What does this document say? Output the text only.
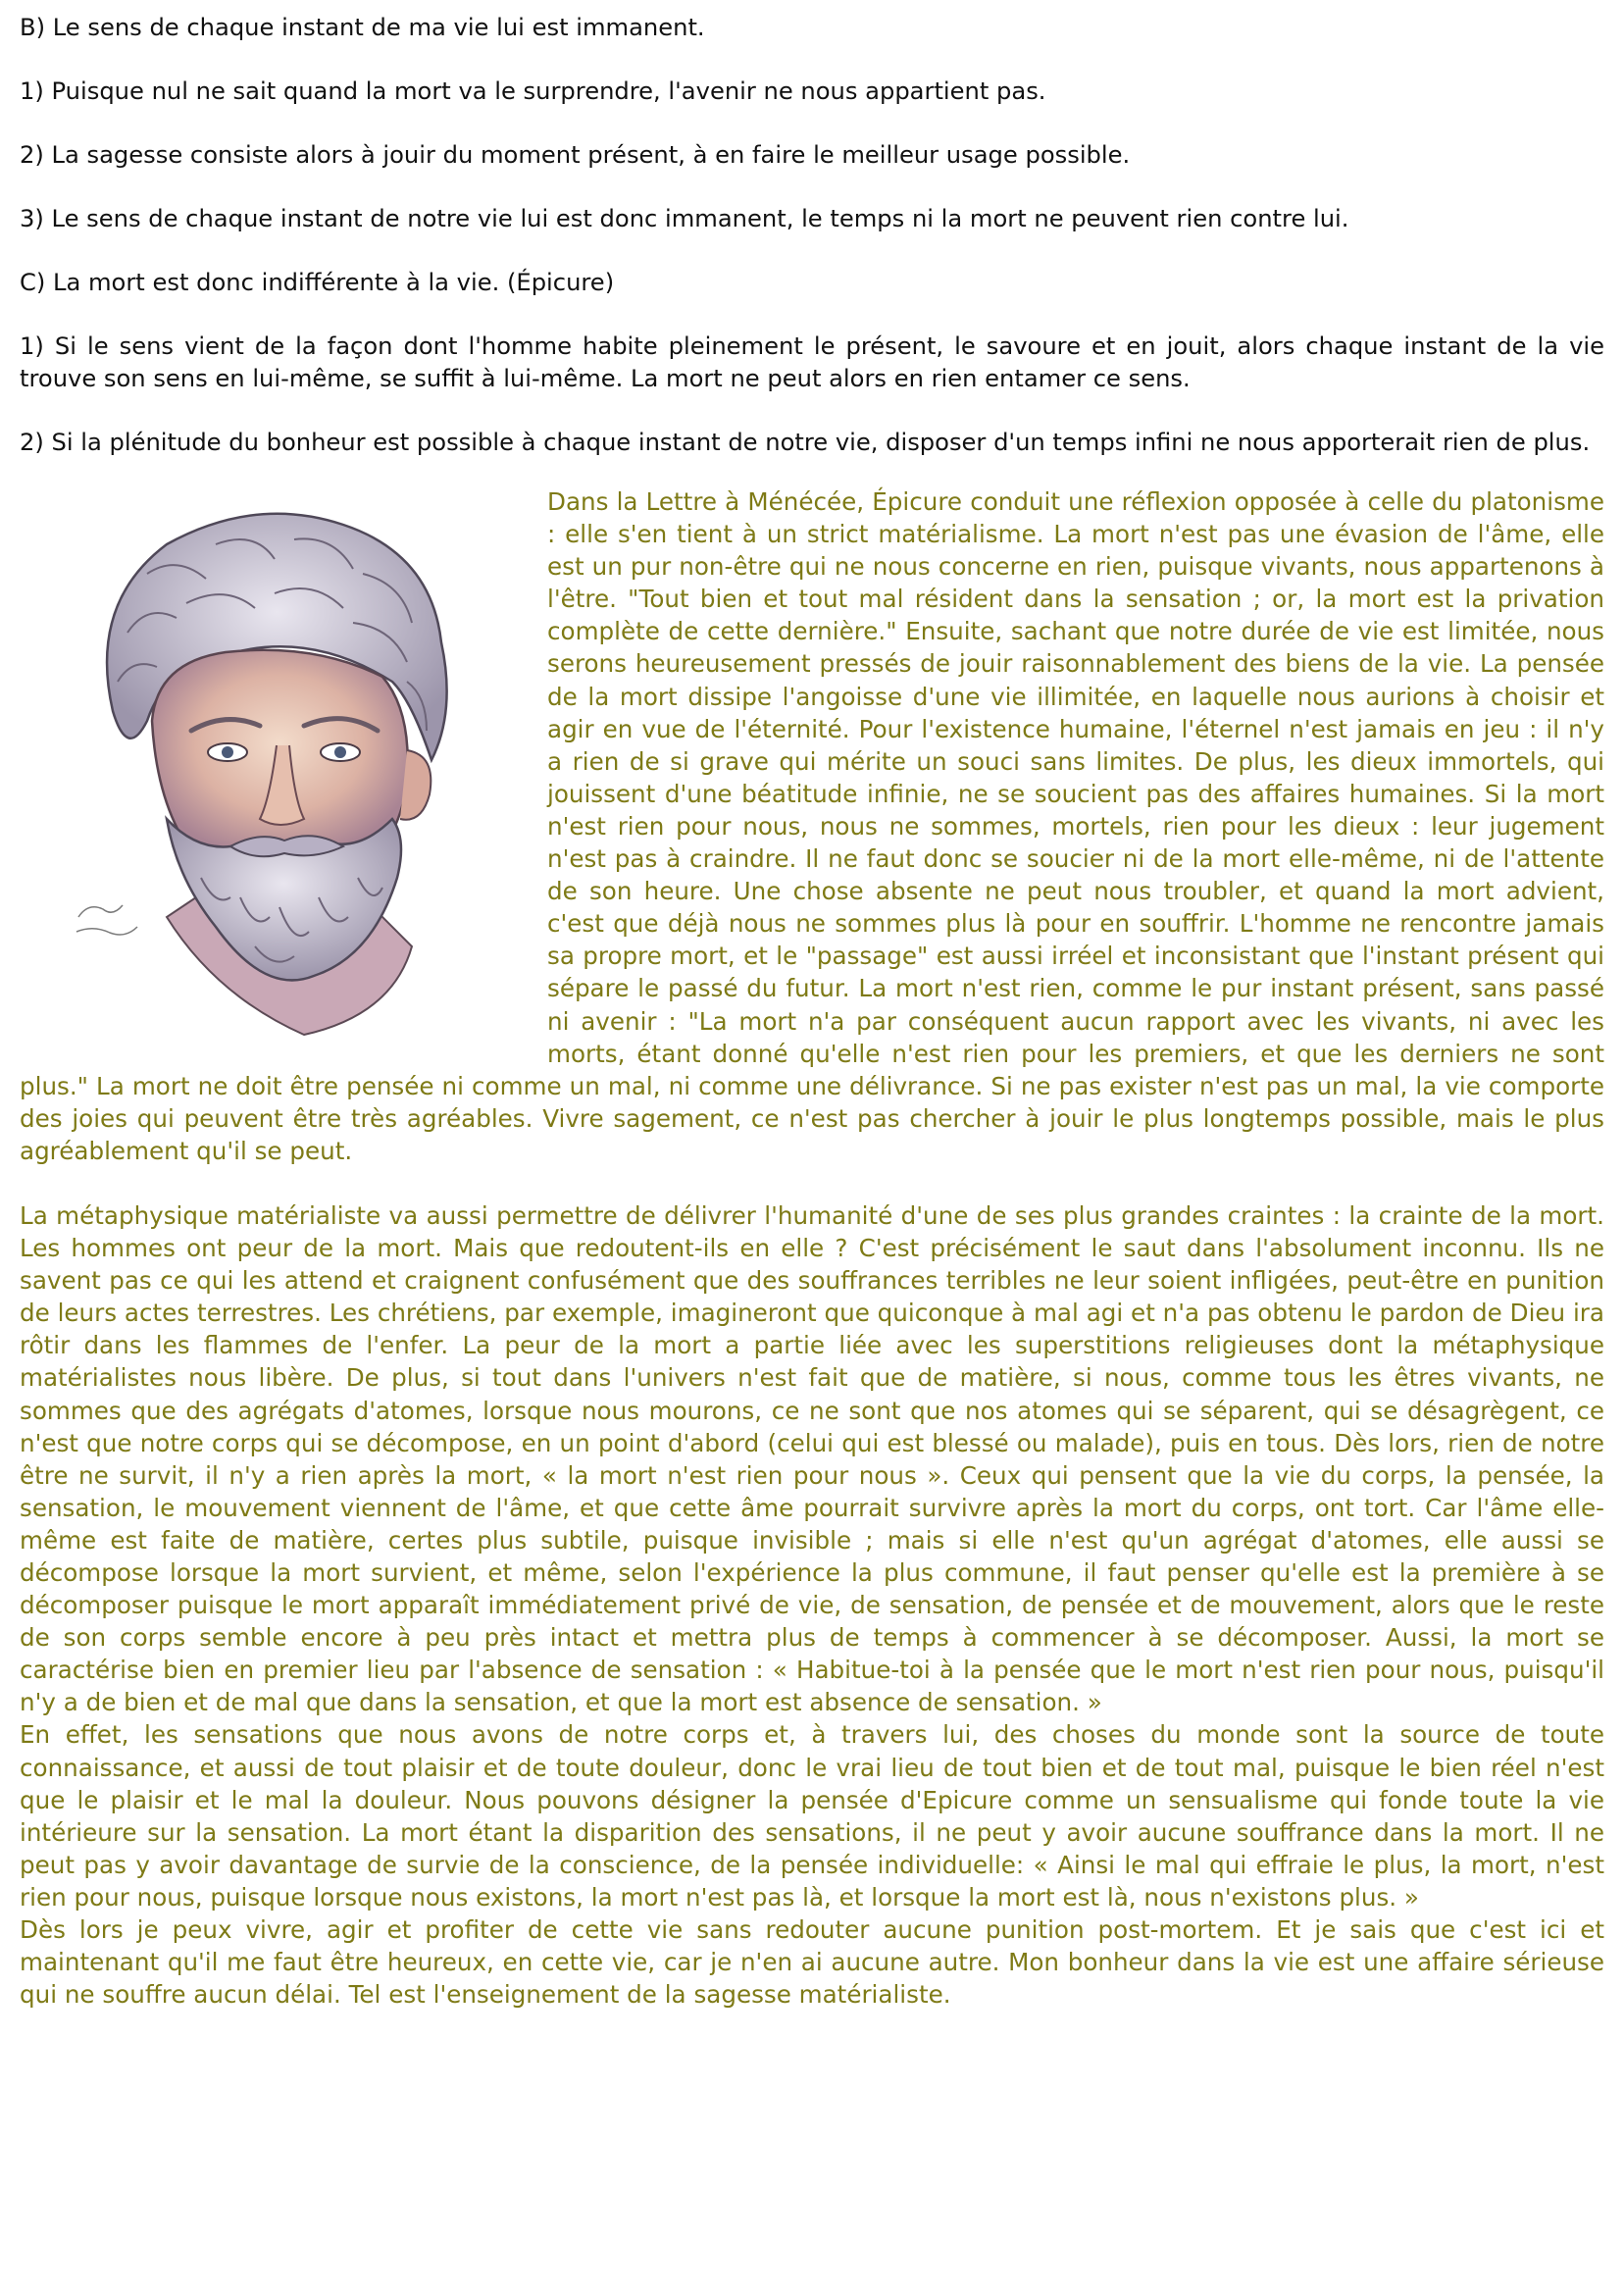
B) Le sens de chaque instant de ma vie lui est immanent.

1) Puisque nul ne sait quand la mort va le surprendre, l'avenir ne nous appartient pas.

2) La sagesse consiste alors à jouir du moment présent, à en faire le meilleur usage possible.

3) Le sens de chaque instant de notre vie lui est donc immanent, le temps ni la mort ne peuvent rien contre lui.

C) La mort est donc indifférente à la vie. (Épicure)

1) Si le sens vient de la façon dont l'homme habite pleinement le présent, le savoure et en jouit, alors chaque instant de la vie trouve son sens en lui-même, se suffit à lui-même. La mort ne peut alors en rien entamer ce sens.

2) Si la plénitude du bonheur est possible à chaque instant de notre vie, disposer d'un temps infini ne nous apporterait rien de plus.

Dans la Lettre à Ménécée, Épicure conduit une réflexion opposée à celle du platonisme : elle s'en tient à un strict matérialisme. La mort n'est pas une évasion de l'âme, elle est un pur non-être qui ne nous concerne en rien, puisque vivants, nous appartenons à l'être. "Tout bien et tout mal résident dans la sensation ; or, la mort est la privation complète de cette dernière." Ensuite, sachant que notre durée de vie est limitée, nous serons heureusement pressés de jouir raisonnablement des biens de la vie. La pensée de la mort dissipe l'angoisse d'une vie illimitée, en laquelle nous aurions à choisir et agir en vue de l'éternité. Pour l'existence humaine, l'éternel n'est jamais en jeu : il n'y a rien de si grave qui mérite un souci sans limites. De plus, les dieux immortels, qui jouissent d'une béatitude infinie, ne se soucient pas des affaires humaines. Si la mort n'est rien pour nous, nous ne sommes, mortels, rien pour les dieux : leur jugement n'est pas à craindre. Il ne faut donc se soucier ni de la mort elle-même, ni de l'attente de son heure. Une chose absente ne peut nous troubler, et quand la mort advient, c'est que déjà nous ne sommes plus là pour en souffrir. L'homme ne rencontre jamais sa propre mort, et le "passage" est aussi irréel et inconsistant que l'instant présent qui sépare le passé du futur. La mort n'est rien, comme le pur instant présent, sans passé ni avenir : "La mort n'a par conséquent aucun rapport avec les vivants, ni avec les morts, étant donné qu'elle n'est rien pour les premiers, et que les derniers ne sont plus." La mort ne doit être pensée ni comme un mal, ni comme une délivrance. Si ne pas exister n'est pas un mal, la vie comporte des joies qui peuvent être très agréables. Vivre sagement, ce n'est pas chercher à jouir le plus longtemps possible, mais le plus agréablement qu'il se peut.

La métaphysique matérialiste va aussi permettre de délivrer l'humanité d'une de ses plus grandes craintes : la crainte de la mort. Les hommes ont peur de la mort. Mais que redoutent-ils en elle ? C'est précisément le saut dans l'absolument inconnu. Ils ne savent pas ce qui les attend et craignent confusément que des souffrances terribles ne leur soient infligées, peut-être en punition de leurs actes terrestres. Les chrétiens, par exemple, imagineront que quiconque à mal agi et n'a pas obtenu le pardon de Dieu ira rôtir dans les flammes de l'enfer. La peur de la mort a partie liée avec les superstitions religieuses dont la métaphysique matérialistes nous libère. De plus, si tout dans l'univers n'est fait que de matière, si nous, comme tous les êtres vivants, ne sommes que des agrégats d'atomes, lorsque nous mourons, ce ne sont que nos atomes qui se séparent, qui se désagrègent, ce n'est que notre corps qui se décompose, en un point d'abord (celui qui est blessé ou malade), puis en tous. Dès lors, rien de notre être ne survit, il n'y a rien après la mort, « la mort n'est rien pour nous ». Ceux qui pensent que la vie du corps, la pensée, la sensation, le mouvement viennent de l'âme, et que cette âme pourrait survivre après la mort du corps, ont tort. Car l'âme elle-même est faite de matière, certes plus subtile, puisque invisible ; mais si elle n'est qu'un agrégat d'atomes, elle aussi se décompose lorsque la mort survient, et même, selon l'expérience la plus commune, il faut penser qu'elle est la première à se décomposer puisque le mort apparaît immédiatement privé de vie, de sensation, de pensée et de mouvement, alors que le reste de son corps semble encore à peu près intact et mettra plus de temps à commencer à se décomposer. Aussi, la mort se caractérise bien en premier lieu par l'absence de sensation : « Habitue-toi à la pensée que le mort n'est rien pour nous, puisqu'il n'y a de bien et de mal que dans la sensation, et que la mort est absence de sensation. »

En effet, les sensations que nous avons de notre corps et, à travers lui, des choses du monde sont la source de toute connaissance, et aussi de tout plaisir et de toute douleur, donc le vrai lieu de tout bien et de tout mal, puisque le bien réel n'est que le plaisir et le mal la douleur. Nous pouvons désigner la pensée d'Epicure comme un sensualisme qui fonde toute la vie intérieure sur la sensation. La mort étant la disparition des sensations, il ne peut y avoir aucune souffrance dans la mort. Il ne peut pas y avoir davantage de survie de la conscience, de la pensée individuelle: « Ainsi le mal qui effraie le plus, la mort, n'est rien pour nous, puisque lorsque nous existons, la mort n'est pas là, et lorsque la mort est là, nous n'existons plus. »

Dès lors je peux vivre, agir et profiter de cette vie sans redouter aucune punition post-mortem. Et je sais que c'est ici et maintenant qu'il me faut être heureux, en cette vie, car je n'en ai aucune autre. Mon bonheur dans la vie est une affaire sérieuse qui ne souffre aucun délai. Tel est l'enseignement de la sagesse matérialiste.
